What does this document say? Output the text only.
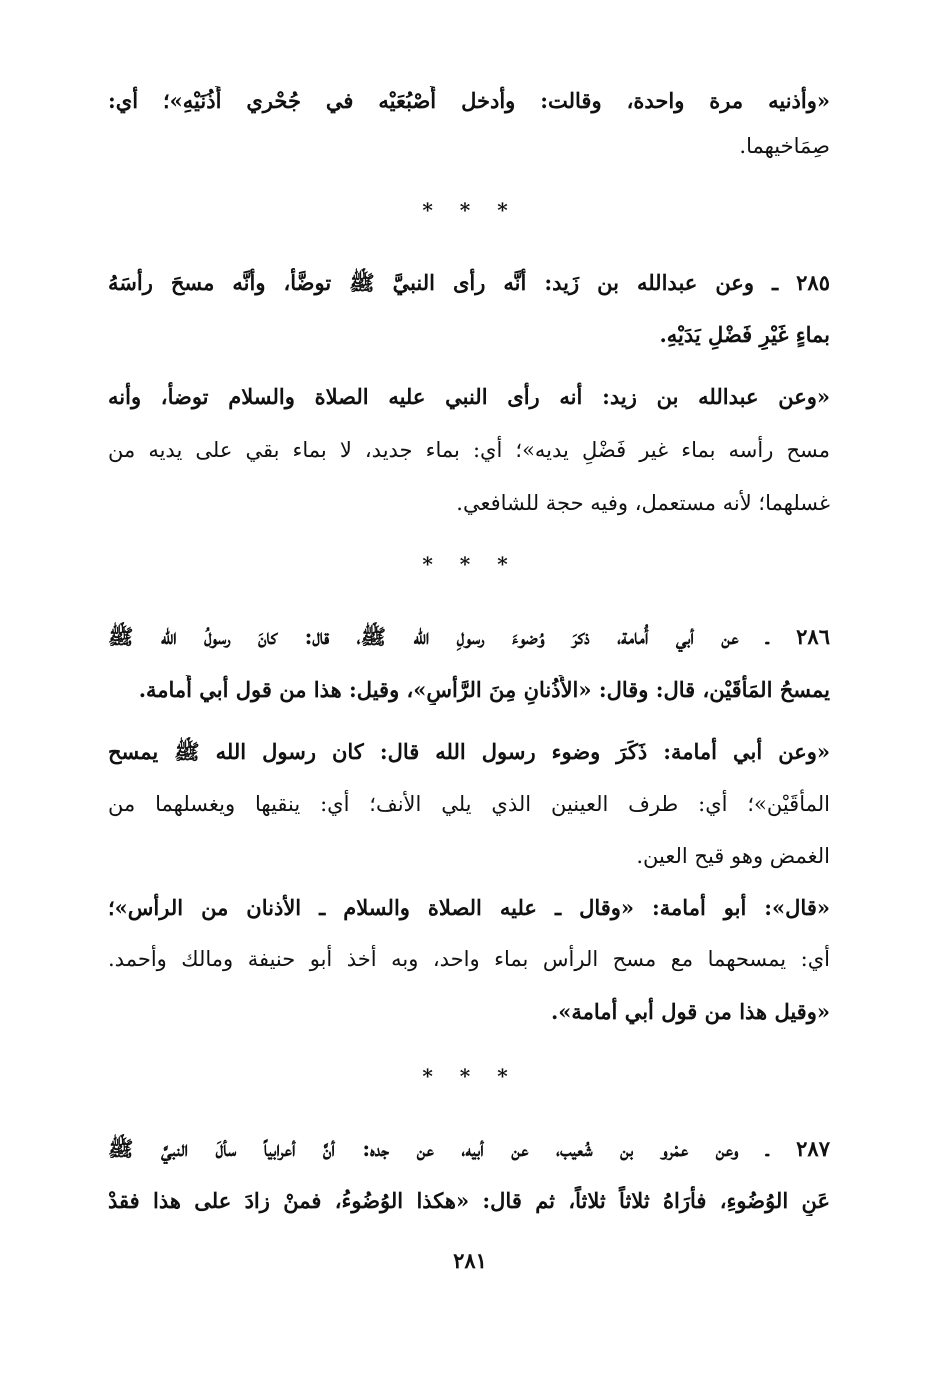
«وأذنيه مرة واحدة، وقالت: وأدخل أُصْبُعَيْه في جُحْري أُذُنَيْهِ»؛ أي:
صِمَاخيهما.
* * *
٢٨٥ ـ وعن عبدالله بن زَيد: أنَّه رأى النبيَّ ﷺ توضَّأ، وأنَّه مسحَ رأسَهُ
بماءٍ غَيْرِ فَضْلِ يَدَيْهِ.
«وعن عبدالله بن زيد: أنه رأى النبي عليه الصلاة والسلام توضأ، وأنه
مسح رأسه بماء غير فَضْلِ يديه»؛ أي: بماء جديد، لا بماء بقي على يديه من
غسلهما؛ لأنه مستعمل، وفيه حجة للشافعي.
* * *
٢٨٦ ـ عن أبي أُمامة، ذكرَ وُضوءَ رسولِ الله ﷺ، قال: كانَ رسولُ الله ﷺ
يمسحُ المَأْقَيْن، قال: وقال: «الأُذُنانِ مِنَ الرَّأسِ»، وقيل: هذا من قول أبي أُمامة.
«وعن أبي أمامة: ذَكَرَ وضوء رسول الله قال: كان رسول الله ﷺ يمسح
المأْقَيْن»؛ أي: طرف العينين الذي يلي الأنف؛ أي: ينقيها ويغسلهما من
الغمض وهو قيح العين.
«قال»: أبو أمامة: «وقال ـ عليه الصلاة والسلام ـ الأذنان من الرأس»؛
أي: يمسحهما مع مسح الرأس بماء واحد، وبه أخذ أبو حنيفة ومالك وأحمد.
«وقيل هذا من قول أبي أمامة».
* * *
٢٨٧ ـ وعن عمْرو بن شُعيب، عن أبيه، عن جده: أنَّ أعرابياً سألَ النبيَّ ﷺ
عَنِ الوُضُوءِ، فأَرَاهُ ثلاثاً ثلاثاً، ثم قال: «هكذا الوُضُوءُ، فمنْ زادَ على هذا فقدْ
٢٨١
